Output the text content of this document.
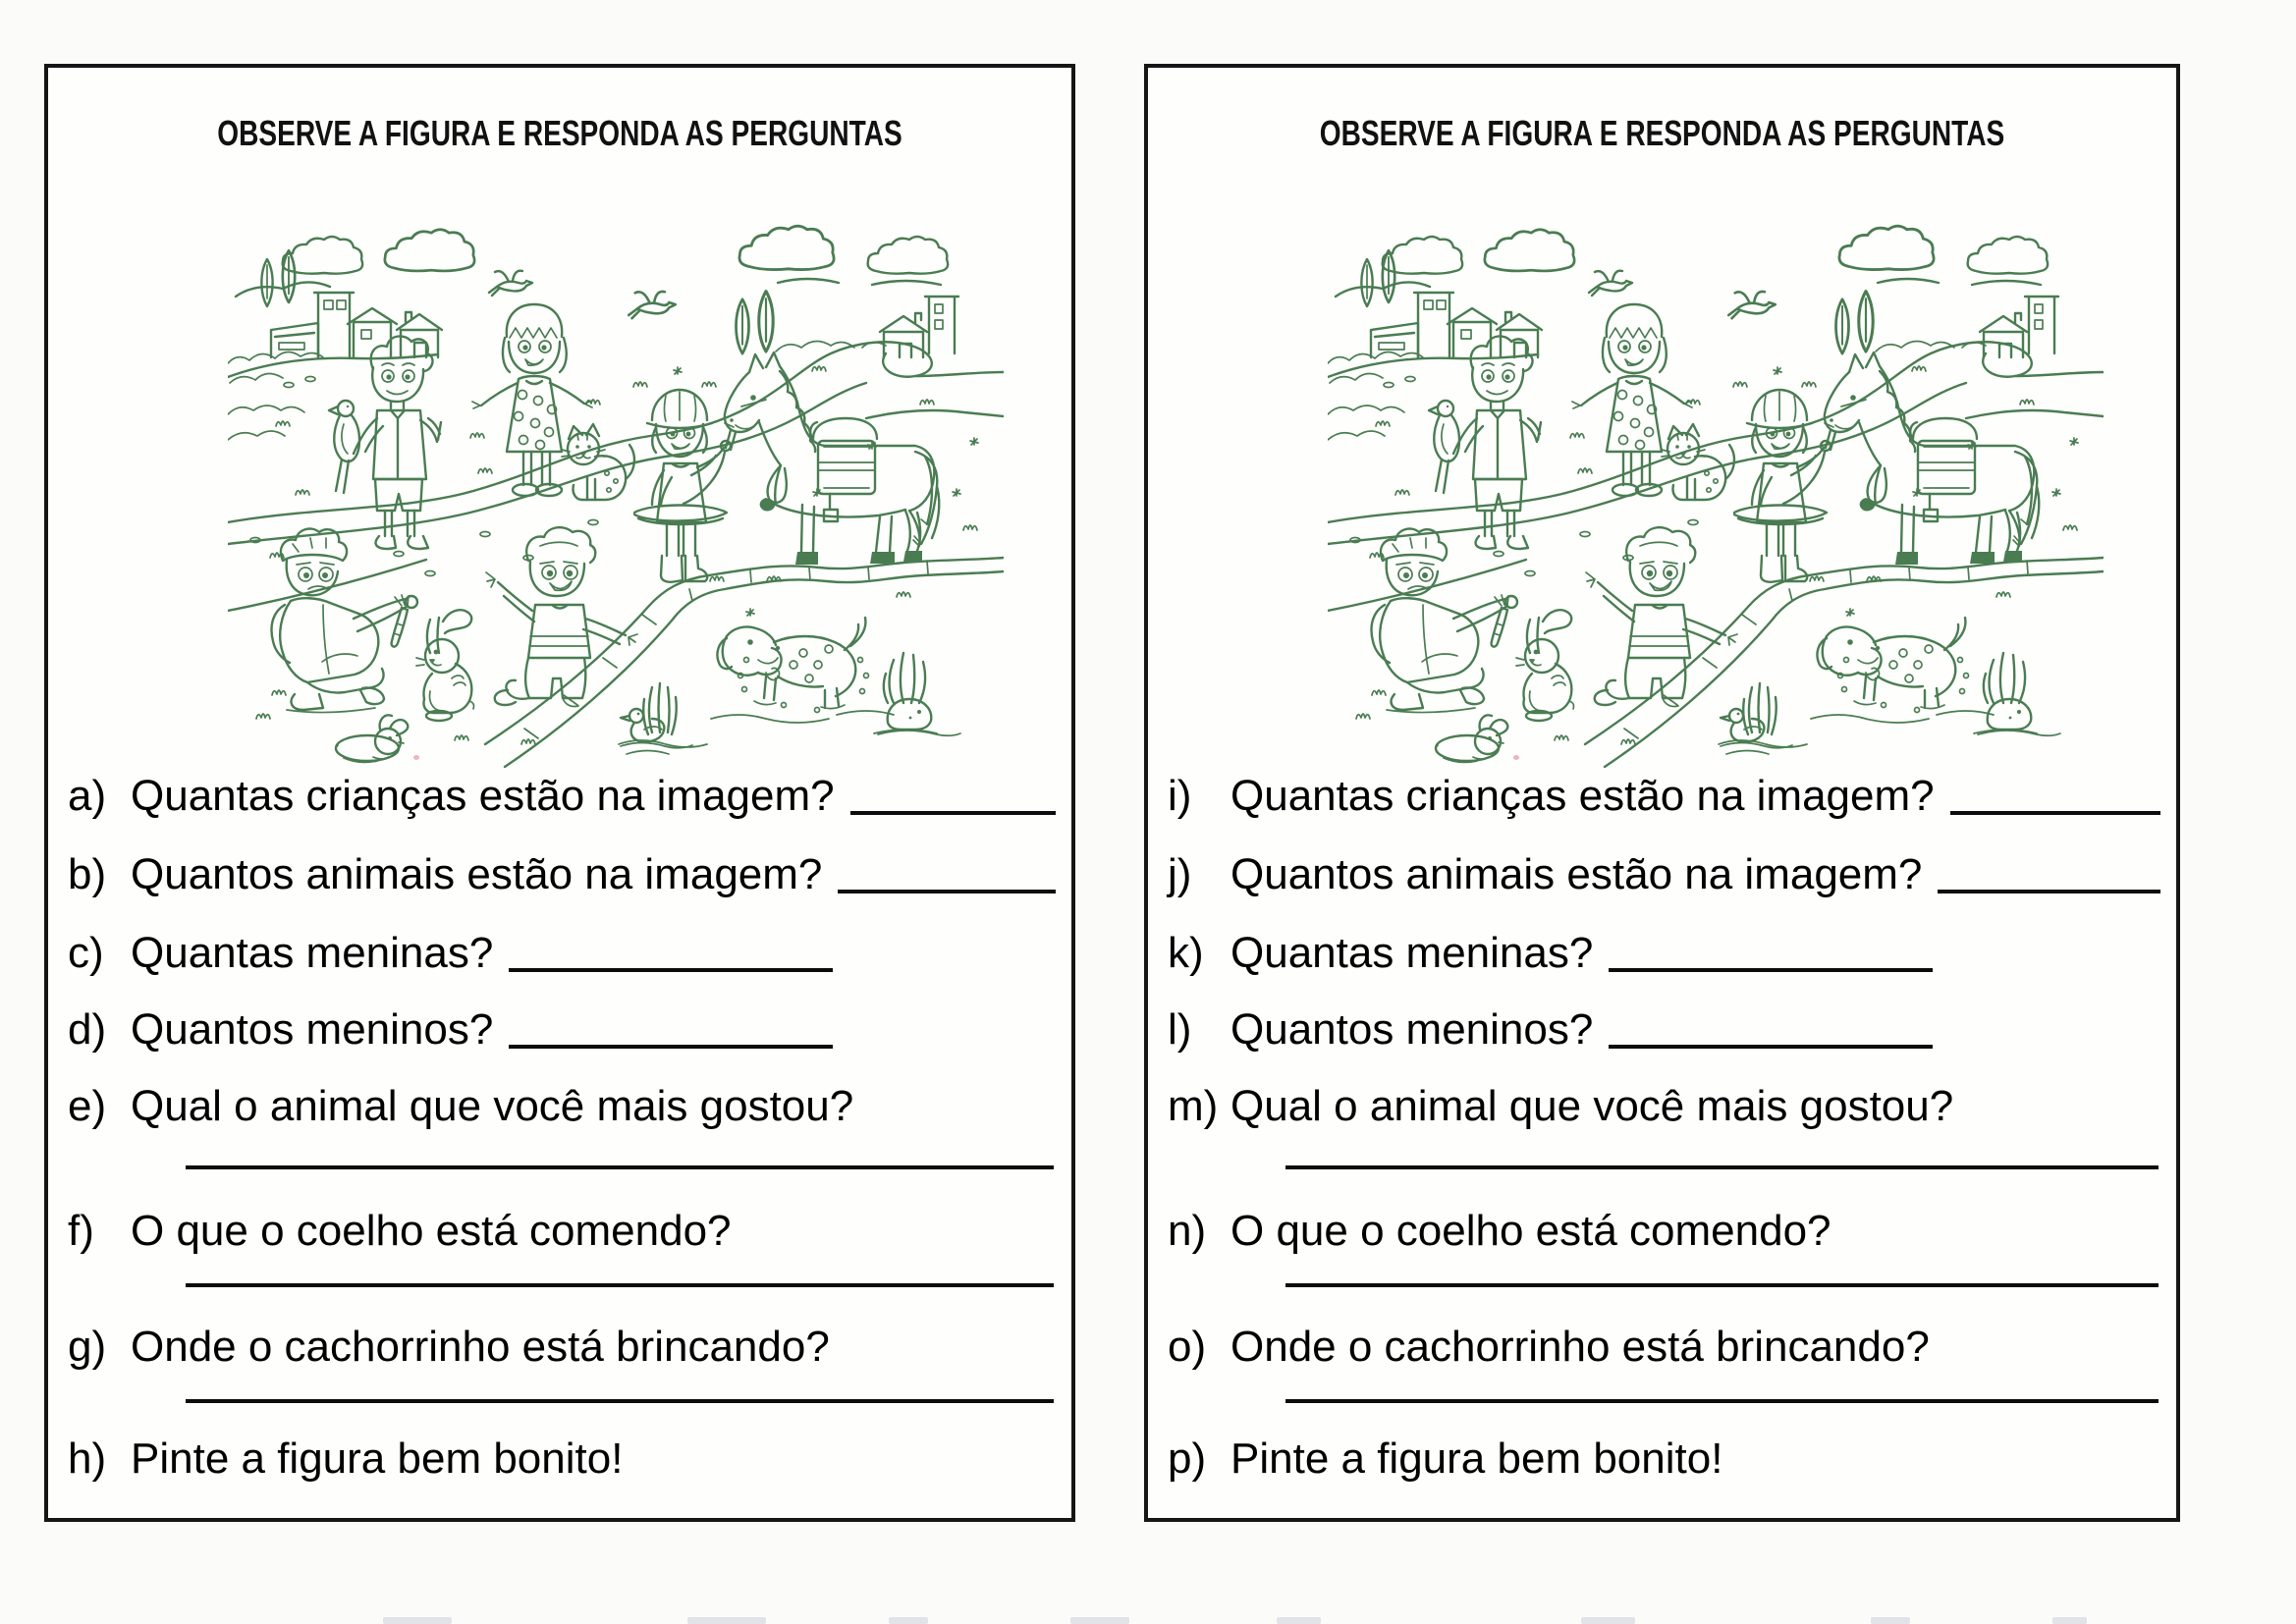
OBSERVE A FIGURA E RESPONDA AS PERGUNTAS
a) Quantas crianças estão na imagem?
b) Quantos animais estão na imagem?
c) Quantas meninas?
d) Quantos meninos?
e) Qual o animal que você mais gostou?
f) O que o coelho está comendo?
g) Onde o cachorrinho está brincando?
h) Pinte a figura bem bonito!
OBSERVE A FIGURA E RESPONDA AS PERGUNTAS
i) Quantas crianças estão na imagem?
j) Quantos animais estão na imagem?
k) Quantas meninas?
l) Quantos meninos?
m) Qual o animal que você mais gostou?
n) O que o coelho está comendo?
o) Onde o cachorrinho está brincando?
p) Pinte a figura bem bonito!
